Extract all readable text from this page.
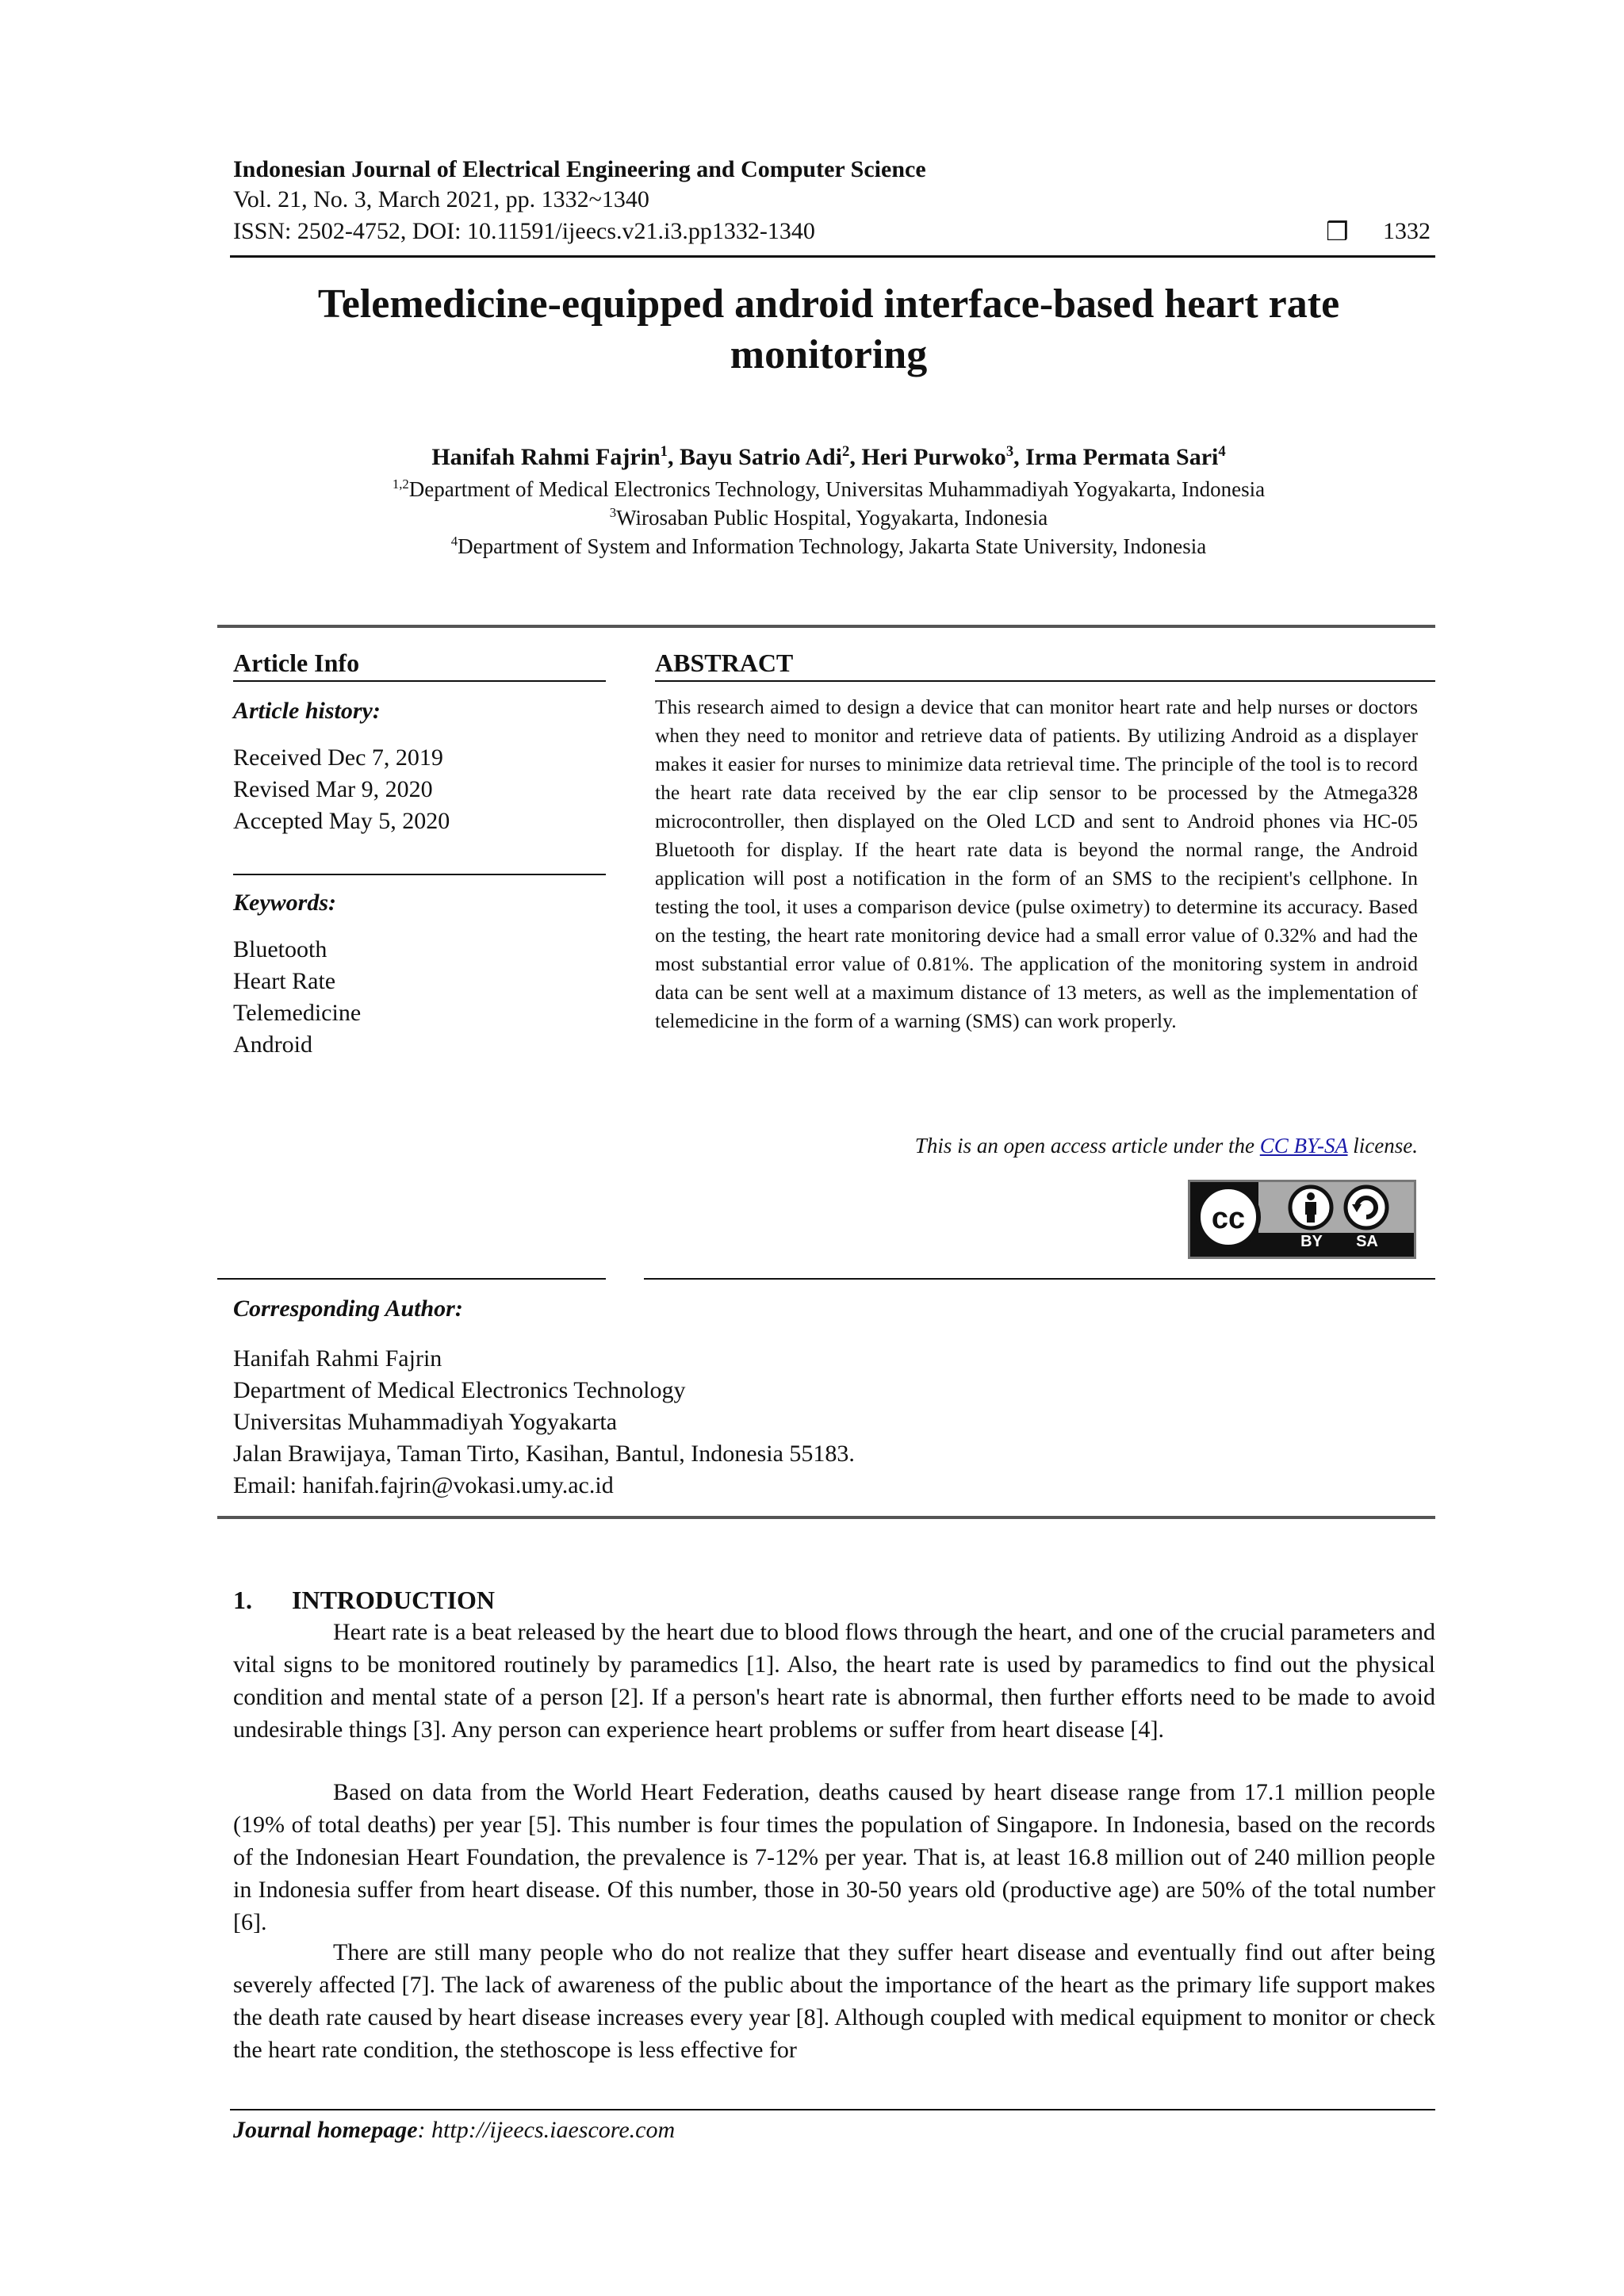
Indonesian Journal of Electrical Engineering and Computer Science
Vol. 21, No. 3, March 2021, pp. 1332~1340
ISSN: 2502-4752, DOI: 10.11591/ijeecs.v21.i3.pp1332-1340	❒ 1332
Telemedicine-equipped android interface-based heart rate
monitoring
Hanifah Rahmi Fajrin$^1$, Bayu Satrio Adi$^2$, Heri Purwoko$^3$, Irma Permata Sari$^4$
$^{1,2}$Department of Medical Electronics Technology, Universitas Muhammadiyah Yogyakarta, Indonesia
$^3$Wirosaban Public Hospital, Yogyakarta, Indonesia
$^4$Department of System and Information Technology, Jakarta State University, Indonesia
Article Info
Article history:
Received Dec 7, 2019
Revised Mar 9, 2020
Accepted May 5, 2020
Keywords:
Bluetooth
Heart Rate
Telemedicine
Android
ABSTRACT
This research aimed to design a device that can monitor heart rate and help nurses or doctors when they need to monitor and retrieve data of patients. By utilizing Android as a displayer makes it easier for nurses to minimize data retrieval time. The principle of the tool is to record the heart rate data received by the ear clip sensor to be processed by the Atmega328 microcontroller, then displayed on the Oled LCD and sent to Android phones via HC-05 Bluetooth for display. If the heart rate data is beyond the normal range, the Android application will post a notification in the form of an SMS to the recipient's cellphone. In testing the tool, it uses a comparison device (pulse oximetry) to determine its accuracy. Based on the testing, the heart rate monitoring device had a small error value of 0.32% and had the most substantial error value of 0.81%. The application of the monitoring system in android data can be sent well at a maximum distance of 13 meters, as well as the implementation of telemedicine in the form of a warning (SMS) can work properly.
This is an open access article under the CC BY-SA license.
cc
BY SA
Corresponding Author:
Hanifah Rahmi Fajrin
Department of Medical Electronics Technology
Universitas Muhammadiyah Yogyakarta
Jalan Brawijaya, Taman Tirto, Kasihan, Bantul, Indonesia 55183.
Email: hanifah.fajrin@vokasi.umy.ac.id
1. INTRODUCTION
Heart rate is a beat released by the heart due to blood flows through the heart, and one of the crucial parameters and vital signs to be monitored routinely by paramedics [1]. Also, the heart rate is used by paramedics to find out the physical condition and mental state of a person [2]. If a person's heart rate is abnormal, then further efforts need to be made to avoid undesirable things [3]. Any person can experience heart problems or suffer from heart disease [4].
Based on data from the World Heart Federation, deaths caused by heart disease range from 17.1 million people (19% of total deaths) per year [5]. This number is four times the population of Singapore. In Indonesia, based on the records of the Indonesian Heart Foundation, the prevalence is 7-12% per year. That is, at least 16.8 million out of 240 million people in Indonesia suffer from heart disease. Of this number, those in 30-50 years old (productive age) are 50% of the total number [6].
There are still many people who do not realize that they suffer heart disease and eventually find out after being severely affected [7]. The lack of awareness of the public about the importance of the heart as the primary life support makes the death rate caused by heart disease increases every year [8]. Although coupled with medical equipment to monitor or check the heart rate condition, the stethoscope is less effective for
Journal homepage: http://ijeecs.iaescore.com
